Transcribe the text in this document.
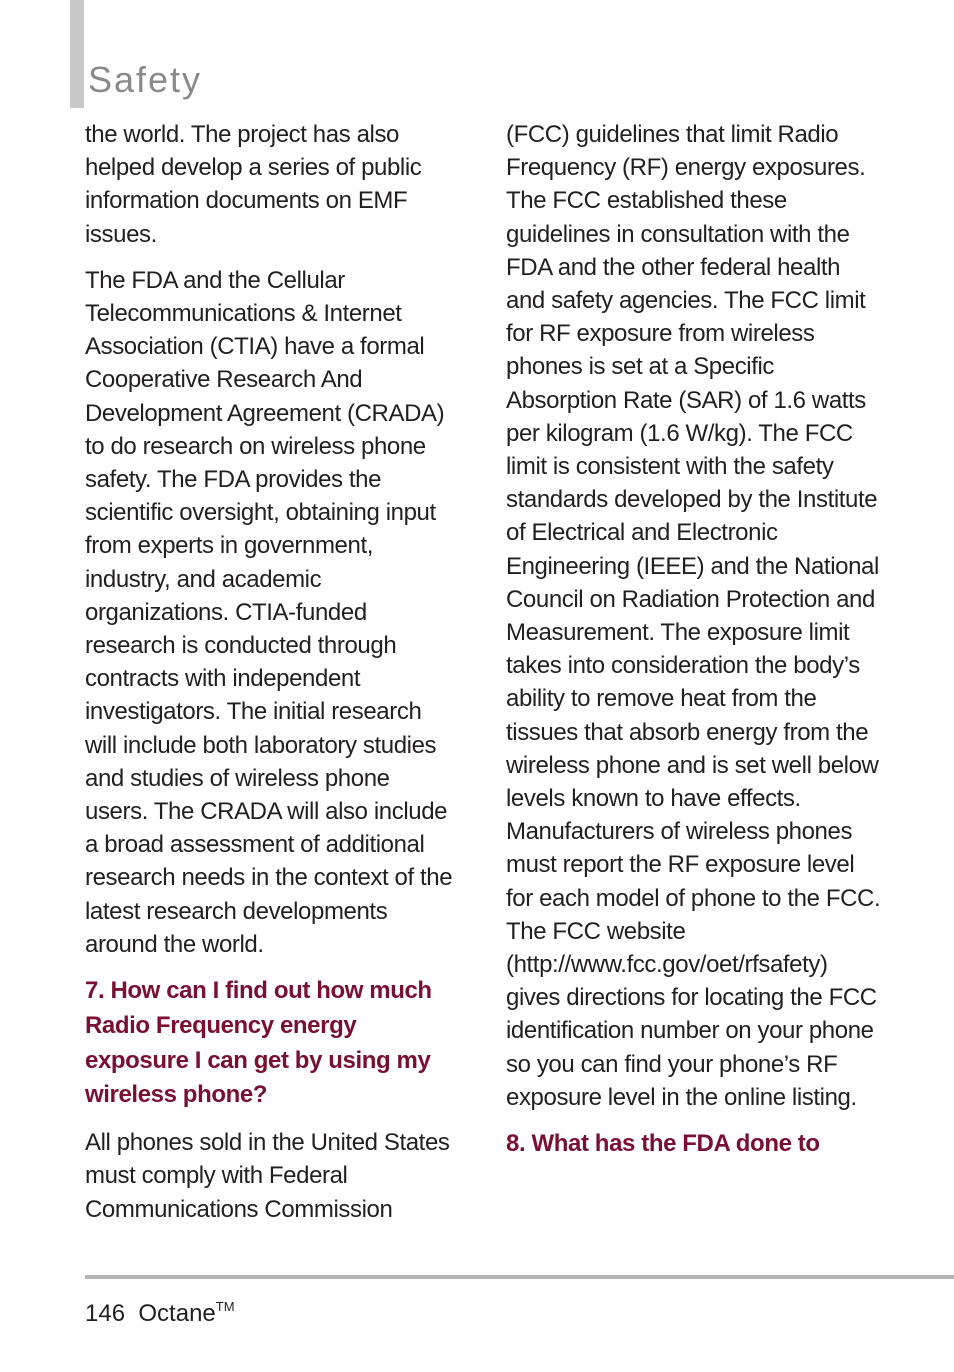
Safety

the world. The project has also helped develop a series of public information documents on EMF issues.

The FDA and the Cellular Telecommunications & Internet Association (CTIA) have a formal Cooperative Research And Development Agreement (CRADA) to do research on wireless phone safety. The FDA provides the scientific oversight, obtaining input from experts in government, industry, and academic organizations. CTIA-funded research is conducted through contracts with independent investigators. The initial research will include both laboratory studies and studies of wireless phone users. The CRADA will also include a broad assessment of additional research needs in the context of the latest research developments around the world.

7. How can I find out how much Radio Frequency energy exposure I can get by using my wireless phone?

All phones sold in the United States must comply with Federal Communications Commission

(FCC) guidelines that limit Radio Frequency (RF) energy exposures. The FCC established these guidelines in consultation with the FDA and the other federal health and safety agencies. The FCC limit for RF exposure from wireless phones is set at a Specific Absorption Rate (SAR) of 1.6 watts per kilogram (1.6 W/kg). The FCC limit is consistent with the safety standards developed by the Institute of Electrical and Electronic Engineering (IEEE) and the National Council on Radiation Protection and Measurement. The exposure limit takes into consideration the body’s ability to remove heat from the tissues that absorb energy from the wireless phone and is set well below levels known to have effects. Manufacturers of wireless phones must report the RF exposure level for each model of phone to the FCC. The FCC website (http://www.fcc.gov/oet/rfsafety) gives directions for locating the FCC identification number on your phone so you can find your phone’s RF exposure level in the online listing.

8. What has the FDA done to

146 Octane™
